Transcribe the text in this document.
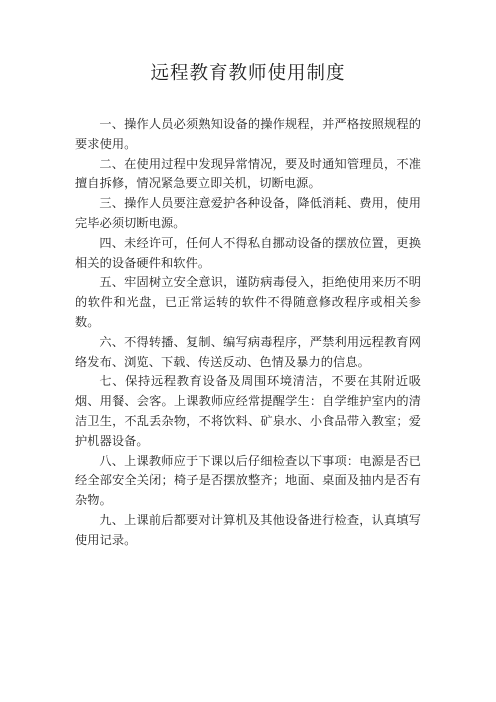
远程教育教师使用制度

一、操作人员必须熟知设备的操作规程，并严格按照规程的要求使用。

二、在使用过程中发现异常情况，要及时通知管理员，不准擅自拆修，情况紧急要立即关机，切断电源。

三、操作人员要注意爱护各种设备，降低消耗、费用，使用完毕必须切断电源。

四、未经许可，任何人不得私自挪动设备的摆放位置，更换相关的设备硬件和软件。

五、牢固树立安全意识，谨防病毒侵入，拒绝使用来历不明的软件和光盘，已正常运转的软件不得随意修改程序或相关参数。

六、不得转播、复制、编写病毒程序，严禁利用远程教育网络发布、浏览、下载、传送反动、色情及暴力的信息。

七、保持远程教育设备及周围环境清洁，不要在其附近吸烟、用餐、会客。上课教师应经常提醒学生：自学维护室内的清洁卫生，不乱丢杂物，不将饮料、矿泉水、小食品带入教室；爱护机器设备。

八、上课教师应于下课以后仔细检查以下事项：电源是否已经全部安全关闭；椅子是否摆放整齐；地面、桌面及抽内是否有杂物。

九、上课前后都要对计算机及其他设备进行检查，认真填写使用记录。
